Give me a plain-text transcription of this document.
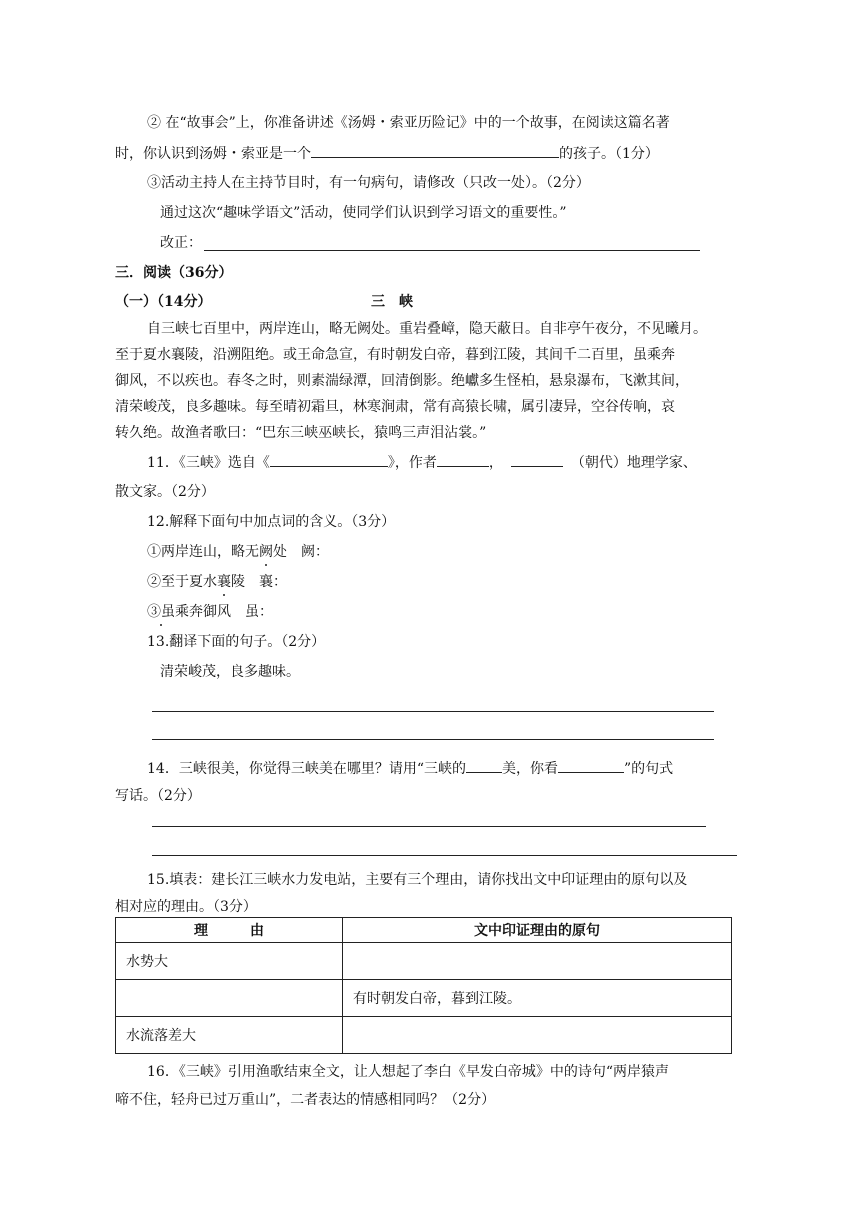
② 在“故事会”上，你准备讲述《汤姆・索亚历险记》中的一个故事，在阅读这篇名著
时，你认识到汤姆・索亚是一个	的孩子。（1分）
③活动主持人在主持节目时，有一句病句，请修改（只改一处）。（2分）
通过这次“趣味学语文”活动，使同学们认识到学习语文的重要性。”
改正：
三．阅读（36分）
（一）（14分）	三　峡
自三峡七百里中，两岸连山，略无阙处。重岩叠嶂，隐天蔽日。自非亭午夜分，不见曦月。
至于夏水襄陵，沿溯阻绝。或王命急宣，有时朝发白帝，暮到江陵，其间千二百里，虽乘奔
御风，不以疾也。春冬之时，则素湍绿潭，回清倒影。绝巘多生怪柏，悬泉瀑布，飞漱其间，
清荣峻茂，良多趣味。每至晴初霜旦，林寒涧肃，常有高猿长啸，属引凄异，空谷传响，哀
转久绝。故渔者歌曰：“巴东三峡巫峡长，猿鸣三声泪沾裳。”
11．《三峡》选自《	》，作者	，	（朝代）地理学家、
散文家。（2分）
12.解释下面句中加点词的含义。（3分）
①两岸连山，略无阙处　阙：
②至于夏水襄陵　襄：
③虽乘奔御风　虽：
13.翻译下面的句子。（2分）
清荣峻茂，良多趣味。
14．三峡很美，你觉得三峡美在哪里？请用“三峡的	美，你看	”的句式
写话。（2分）
15.填表：建长江三峡水力发电站，主要有三个理由，请你找出文中印证理由的原句以及
相对应的理由。（3分）
理　　　由	文中印证理由的原句
水势大	
	有时朝发白帝，暮到江陵。
水流落差大	
16．《三峡》引用渔歌结束全文，让人想起了李白《早发白帝城》中的诗句“两岸猿声
啼不住，轻舟已过万重山”，二者表达的情感相同吗？（2分）
